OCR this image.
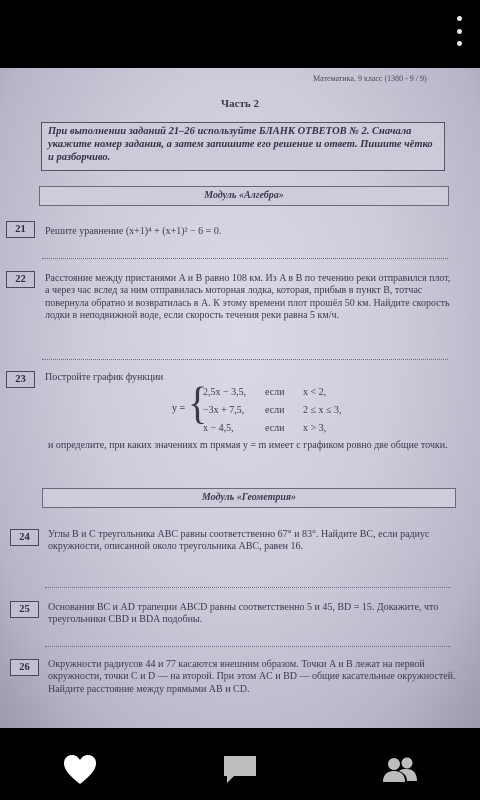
Математика. 9 класс (1380 - 9 / 9)
Часть 2
При выполнении заданий 21–26 используйте БЛАНК ОТВЕТОВ № 2. Сначала укажите номер задания, а затем запишите его решение и ответ. Пишите чётко и разборчиво.
Модуль «Алгебра»
21	Решите уравнение (x+1)⁴ + (x+1)² − 6 = 0.
22	Расстояние между пристанями A и B равно 108 км. Из A в B по течению реки отправился плот, а через час вслед за ним отправилась моторная лодка, которая, прибыв в пункт B, тотчас повернула обратно и возвратилась в A. К этому времени плот прошёл 50 км. Найдите скорость лодки в неподвижной воде, если скорость течения реки равна 5 км/ч.
23	Постройте график функции
y = {
2,5x − 3,5,	если	x < 2,
−3x + 7,5,	если	2 ≤ x ≤ 3,
x − 4,5,	если	x > 3,
и определите, при каких значениях m прямая y = m имеет с графиком ровно две общие точки.
Модуль «Геометрия»
24	Углы B и C треугольника ABC равны соответственно 67° и 83°. Найдите BC, если радиус окружности, описанной около треугольника ABC, равен 16.
25	Основания BC и AD трапеции ABCD равны соответственно 5 и 45, BD = 15. Докажите, что треугольники CBD и BDA подобны.
26	Окружности радиусов 44 и 77 касаются внешним образом. Точки A и B лежат на первой окружности, точки C и D — на второй. При этом AC и BD — общие касательные окружностей. Найдите расстояние между прямыми AB и CD.
